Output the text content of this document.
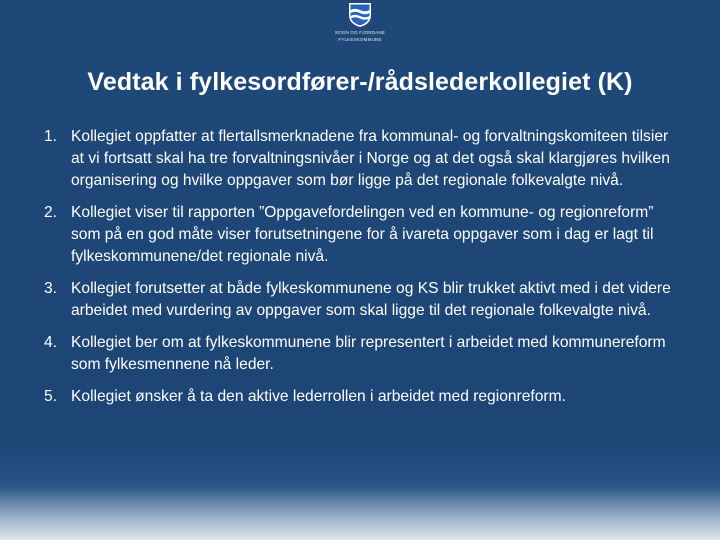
SOGN OG FJORDANE
FYLKESKOMMUNE
Vedtak i fylkesordfører-/rådslederkollegiet (K)
1. Kollegiet oppfatter at flertallsmerknadene fra kommunal- og forvaltningskomiteen tilsier at vi fortsatt skal ha tre forvaltningsnivåer i Norge og at det også skal klargjøres hvilken organisering og hvilke oppgaver som bør ligge på det regionale folkevalgte nivå.
2. Kollegiet viser til rapporten ”Oppgavefordelingen ved en kommune- og regionreform” som på en god måte viser forutsetningene for å ivareta oppgaver som i dag er lagt til fylkeskommunene/det regionale nivå.
3. Kollegiet forutsetter at både fylkeskommunene og KS blir trukket aktivt med i det videre arbeidet med vurdering av oppgaver som skal ligge til det regionale folkevalgte nivå.
4. Kollegiet ber om at fylkeskommunene blir representert i arbeidet med kommunereform som fylkesmennene nå leder.
5. Kollegiet ønsker å ta den aktive lederrollen i arbeidet med regionreform.
